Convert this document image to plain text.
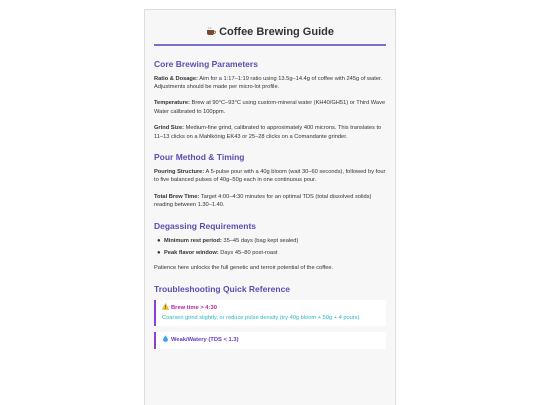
Coffee Brewing Guide
Core Brewing Parameters

Ratio & Dosage: Aim for a 1:17–1:19 ratio using 13.5g–14.4g of coffee with 245g of water. Adjustments should be made per micro-lot profile.

Temperature: Brew at 90°C–93°C using custom-mineral water (KH40/GH51) or Third Wave Water calibrated to 100ppm.

Grind Size: Medium-fine grind, calibrated to approximately 400 microns. This translates to 11–13 clicks on a Mahlkönig EK43 or 25–28 clicks on a Comandante grinder.

Pour Method & Timing

Pouring Structure: A 5-pulse pour with a 40g bloom (wait 30–60 seconds), followed by four to five balanced pulses of 40g–50g each in one continuous pour.

Total Brew Time: Target 4:00–4:30 minutes for an optimal TDS (total dissolved solids) reading between 1.30–1.40.

Degassing Requirements
● Minimum rest period: 35–45 days (bag kept sealed)
● Peak flavor window: Days 45–80 post-roast

Patience here unlocks the full genetic and terroir potential of the coffee.

Troubleshooting Quick Reference
Brew time > 4:30
Coarsen grind slightly, or reduce pulse density (try 40g bloom + 50g + 4 pours)
Weak/Watery (TDS < 1.3)
